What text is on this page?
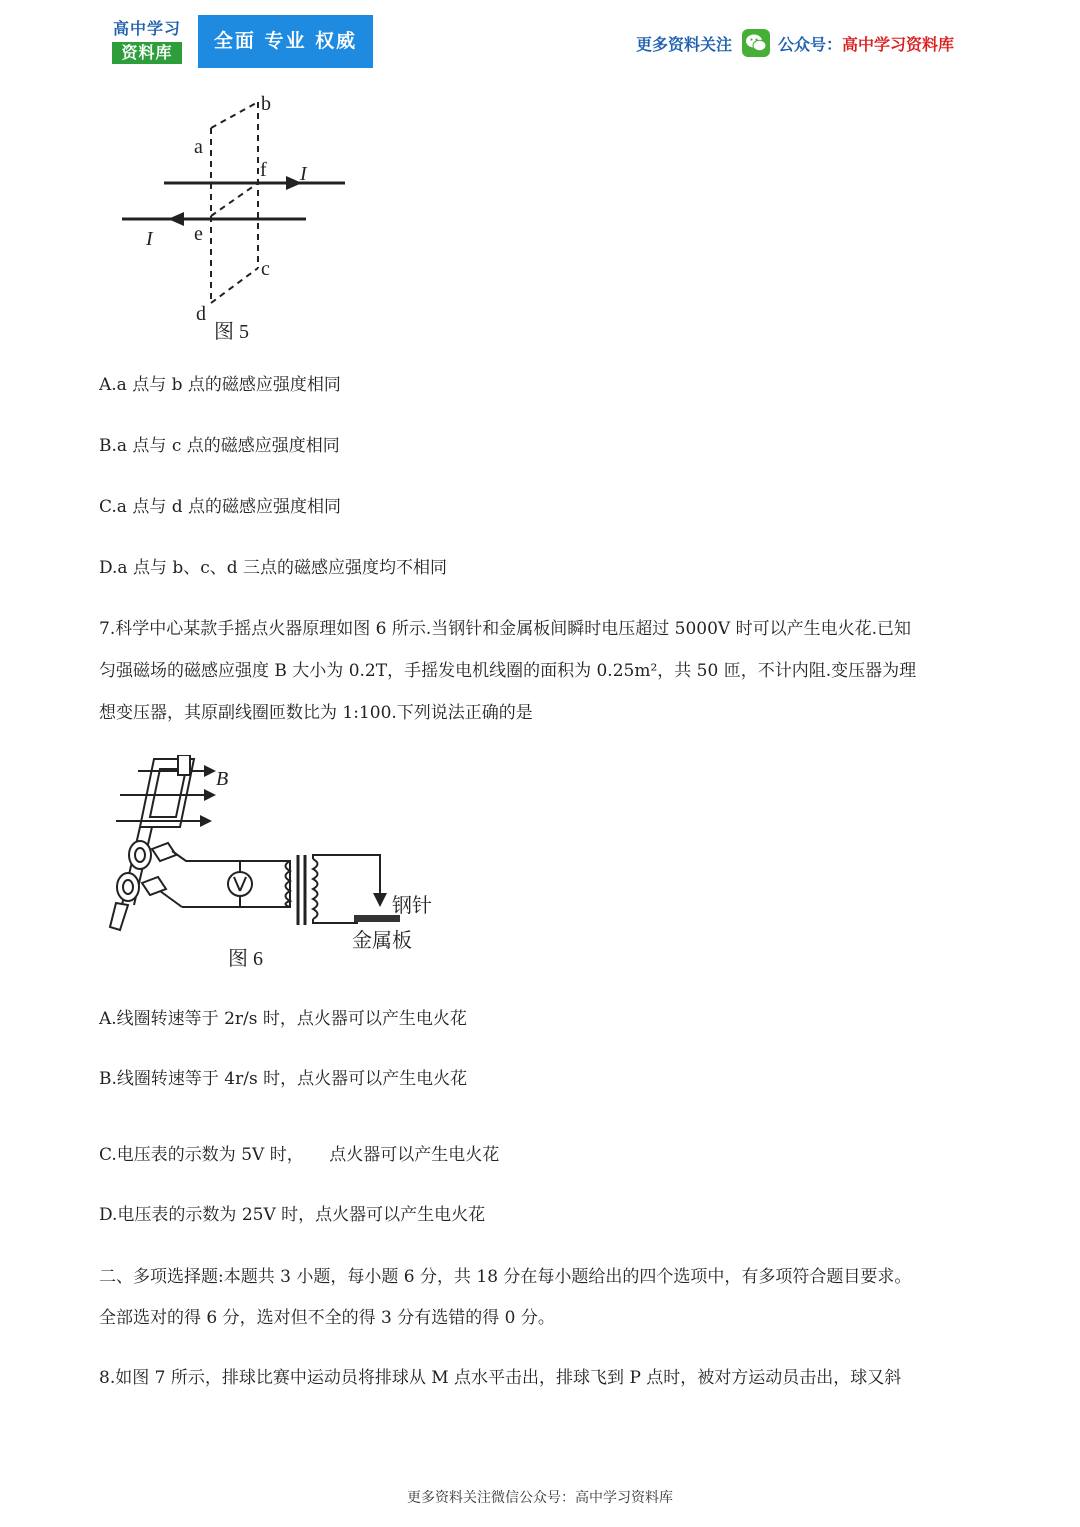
高中学习
资料库
全面 专业 权威	更多资料关注	公众号： 高中学习资料库
a
b
f I
I e
c
d
图 5
A.a 点与 b 点的磁感应强度相同
B.a 点与 c 点的磁感应强度相同
C.a 点与 d 点的磁感应强度相同
D.a 点与 b、c、d 三点的磁感应强度均不相同
7.科学中心某款手摇点火器原理如图 6 所示.当钢针和金属板间瞬时电压超过 5000V 时可以产生电火花.已知
匀强磁场的磁感应强度 B 大小为 0.2T，手摇发电机线圈的面积为 0.25m²，共 50 匝，不计内阻.变压器为理
想变压器，其原副线圈匝数比为 1:100.下列说法正确的是
B
钢针
金属板
图 6
A.线圈转速等于 2r/s 时，点火器可以产生电火花
B.线圈转速等于 4r/s 时，点火器可以产生电火花
C.电压表的示数为 5V 时，　　点火器可以产生电火花
D.电压表的示数为 25V 时，点火器可以产生电火花
二、多项选择题:本题共 3 小题，每小题 6 分，共 18 分在每小题给出的四个选项中，有多项符合题目要求。
全部选对的得 6 分，选对但不全的得 3 分有选错的得 0 分。
8.如图 7 所示，排球比赛中运动员将排球从 M 点水平击出，排球飞到 P 点时，被对方运动员击出，球又斜
更多资料关注微信公众号：高中学习资料库
